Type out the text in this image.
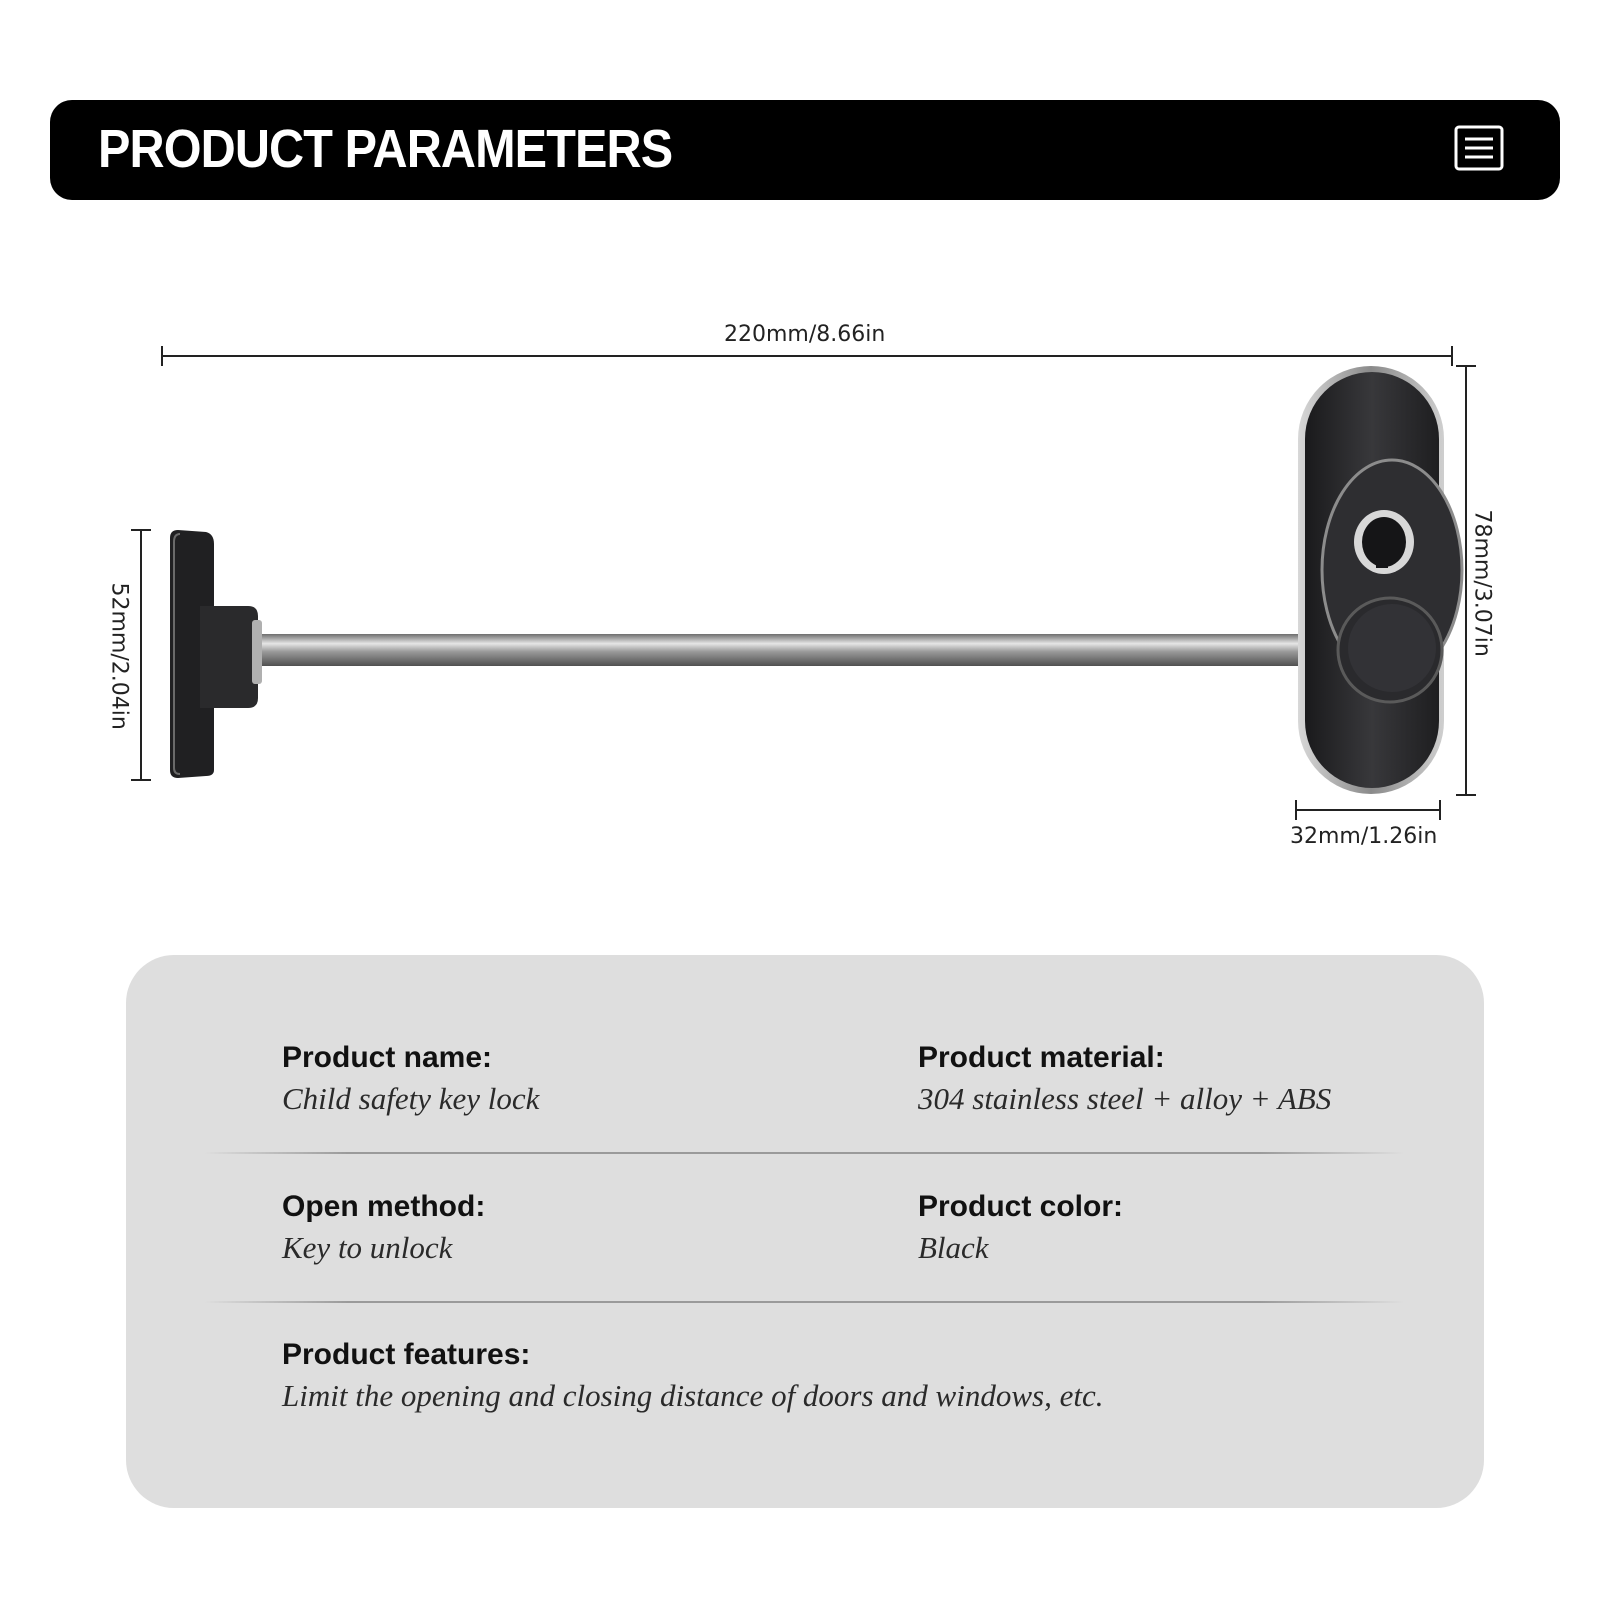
PRODUCT PARAMETERS
220mm/8.66in
52mm/2.04in	78mm/3.07in
32mm/1.26in
Product name:
Child safety key lock
Product material:
304 stainless steel + alloy + ABS
Open method:
Key to unlock
Product color:
Black
Product features:
Limit the opening and closing distance of doors and windows, etc.
